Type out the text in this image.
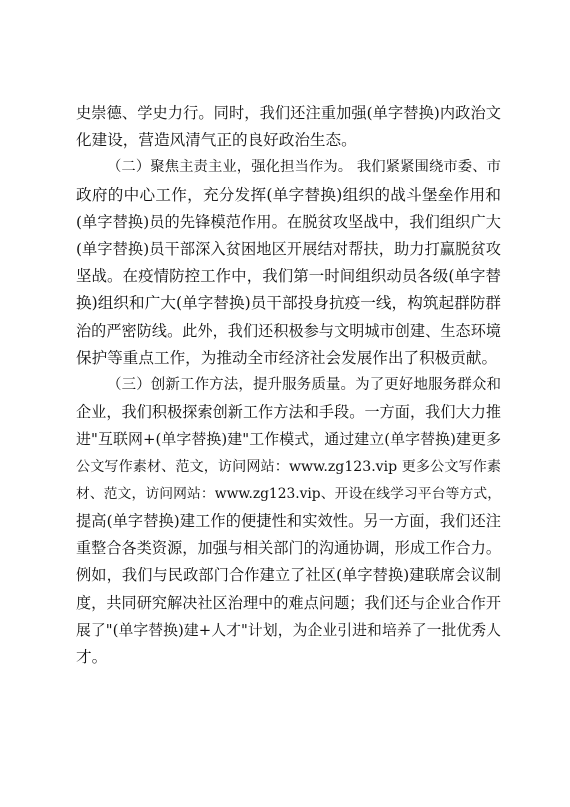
史崇德、学史力行。同时，我们还注重加强(单字替换)内政治文
化建设，营造风清气正的良好政治生态。
（二）聚焦主责主业，强化担当作为。 我们紧紧围绕市委、市
政府的中心工作，充分发挥(单字替换)组织的战斗堡垒作用和
(单字替换)员的先锋模范作用。在脱贫攻坚战中，我们组织广大
(单字替换)员干部深入贫困地区开展结对帮扶，助力打赢脱贫攻
坚战。在疫情防控工作中，我们第一时间组织动员各级(单字替
换)组织和广大(单字替换)员干部投身抗疫一线，构筑起群防群
治的严密防线。此外，我们还积极参与文明城市创建、生态环境
保护等重点工作，为推动全市经济社会发展作出了积极贡献。
（三）创新工作方法，提升服务质量。为了更好地服务群众和
企业，我们积极探索创新工作方法和手段。一方面，我们大力推
进"互联网+(单字替换)建"工作模式，通过建立(单字替换)建更多
公文写作素材、范文，访问网站：www.zg123.vip 更多公文写作素
材、范文，访问网站：www.zg123.vip、开设在线学习平台等方式，
提高(单字替换)建工作的便捷性和实效性。另一方面，我们还注
重整合各类资源，加强与相关部门的沟通协调，形成工作合力。
例如，我们与民政部门合作建立了社区(单字替换)建联席会议制
度，共同研究解决社区治理中的难点问题；我们还与企业合作开
展了"(单字替换)建+人才"计划，为企业引进和培养了一批优秀人
才。
